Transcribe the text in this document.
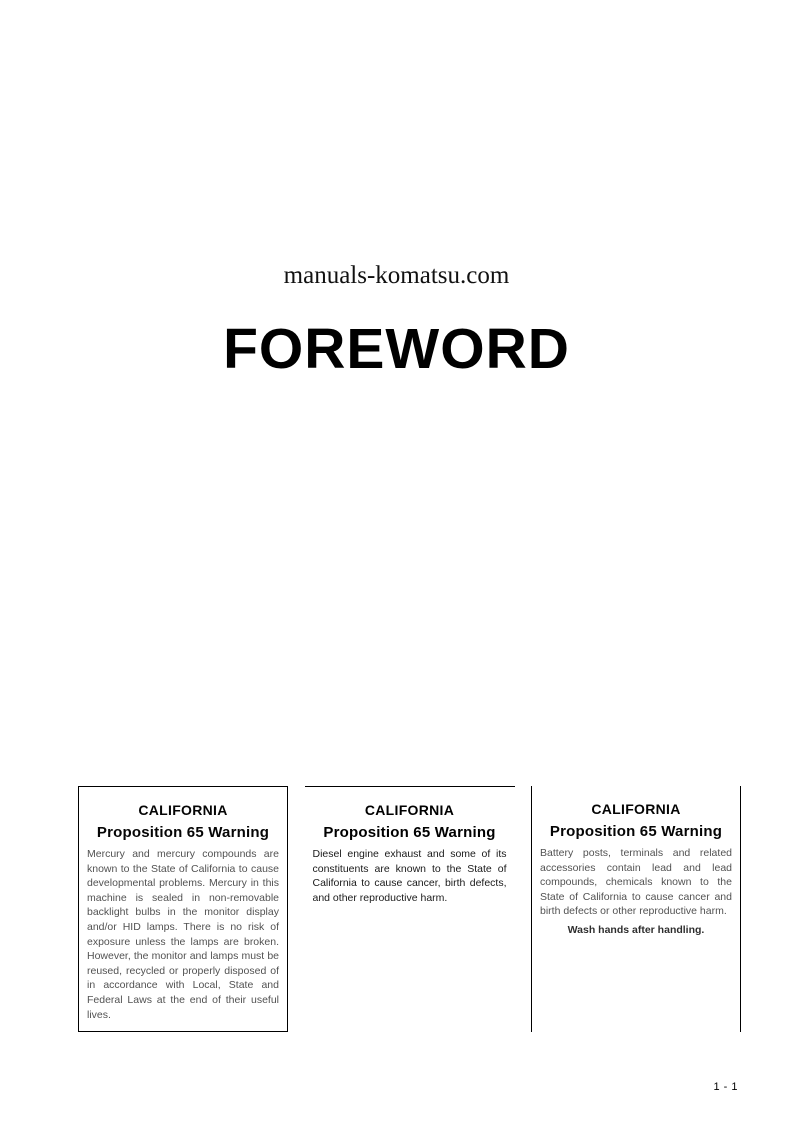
manuals-komatsu.com
FOREWORD
CALIFORNIA
Proposition 65 Warning
Mercury and mercury compounds are known to the State of California to cause developmental problems. Mercury in this machine is sealed in non-removable backlight bulbs in the monitor display and/or HID lamps. There is no risk of exposure unless the lamps are broken. However, the monitor and lamps must be reused, recycled or properly disposed of in accordance with Local, State and Federal Laws at the end of their useful lives.
CALIFORNIA
Proposition 65 Warning
Diesel engine exhaust and some of its constituents are known to the State of California to cause cancer, birth defects, and other reproductive harm.
CALIFORNIA
Proposition 65 Warning
Battery posts, terminals and related accessories contain lead and lead compounds, chemicals known to the State of California to cause cancer and birth defects or other reproductive harm.
Wash hands after handling.
1 - 1
